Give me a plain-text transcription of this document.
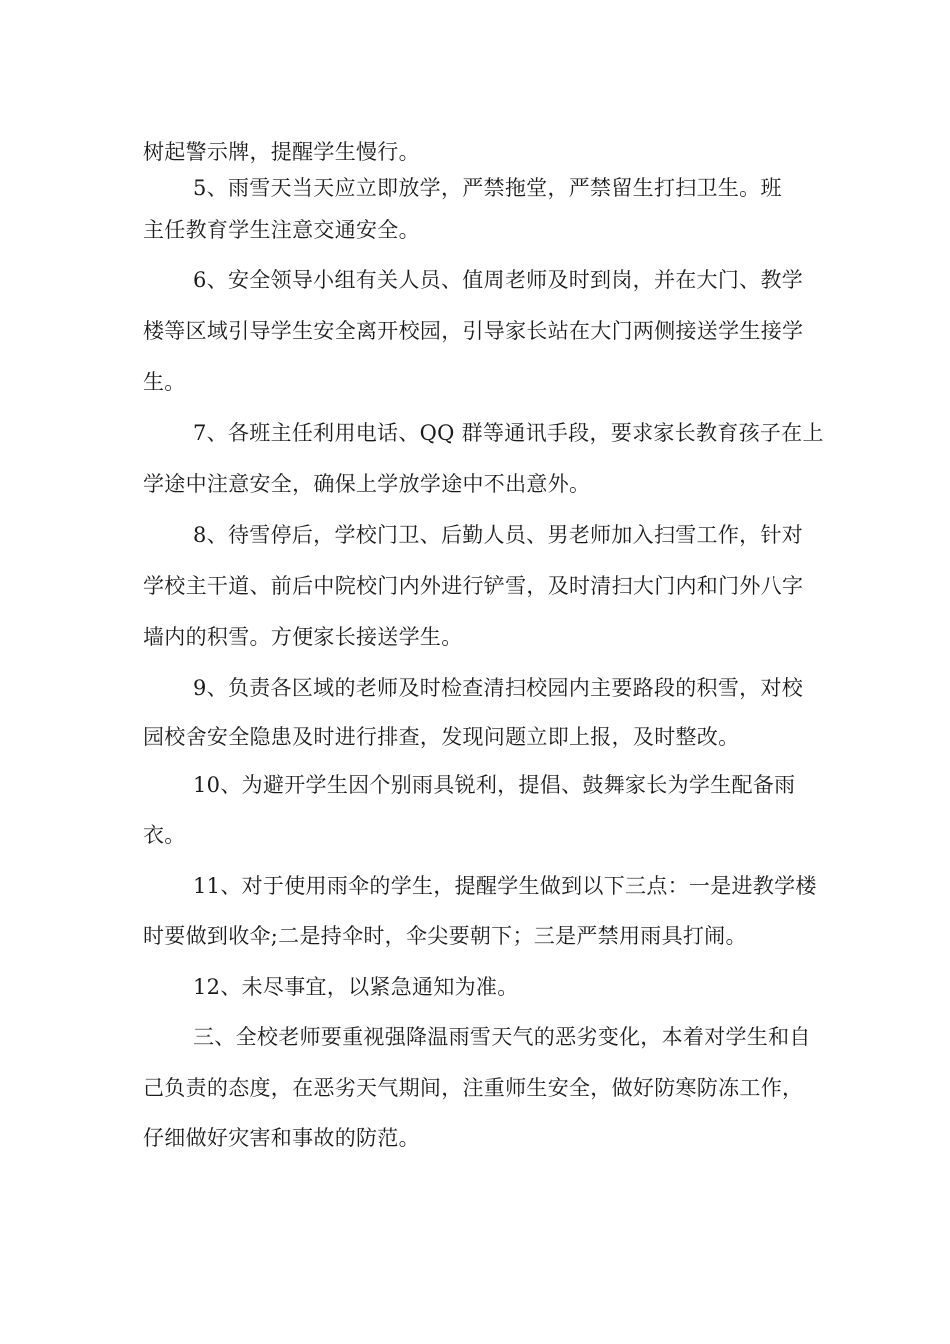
树起警示牌，提醒学生慢行。
5、雨雪天当天应立即放学，严禁拖堂，严禁留生打扫卫生。班
主任教育学生注意交通安全。
6、安全领导小组有关人员、值周老师及时到岗，并在大门、教学
楼等区域引导学生安全离开校园，引导家长站在大门两侧接送学生接学
生。
7、各班主任利用电话、QQ 群等通讯手段，要求家长教育孩子在上
学途中注意安全，确保上学放学途中不出意外。
8、待雪停后，学校门卫、后勤人员、男老师加入扫雪工作，针对
学校主干道、前后中院校门内外进行铲雪，及时清扫大门内和门外八字
墙内的积雪。方便家长接送学生。
9、负责各区域的老师及时检查清扫校园内主要路段的积雪，对校
园校舍安全隐患及时进行排查，发现问题立即上报，及时整改。
10、为避开学生因个别雨具锐利，提倡、鼓舞家长为学生配备雨
衣。
11、对于使用雨伞的学生，提醒学生做到以下三点：一是进教学楼
时要做到收伞;二是持伞时，伞尖要朝下；三是严禁用雨具打闹。
12、未尽事宜，以紧急通知为准。
三、全校老师要重视强降温雨雪天气的恶劣变化，本着对学生和自
己负责的态度，在恶劣天气期间，注重师生安全，做好防寒防冻工作，
仔细做好灾害和事故的防范。
